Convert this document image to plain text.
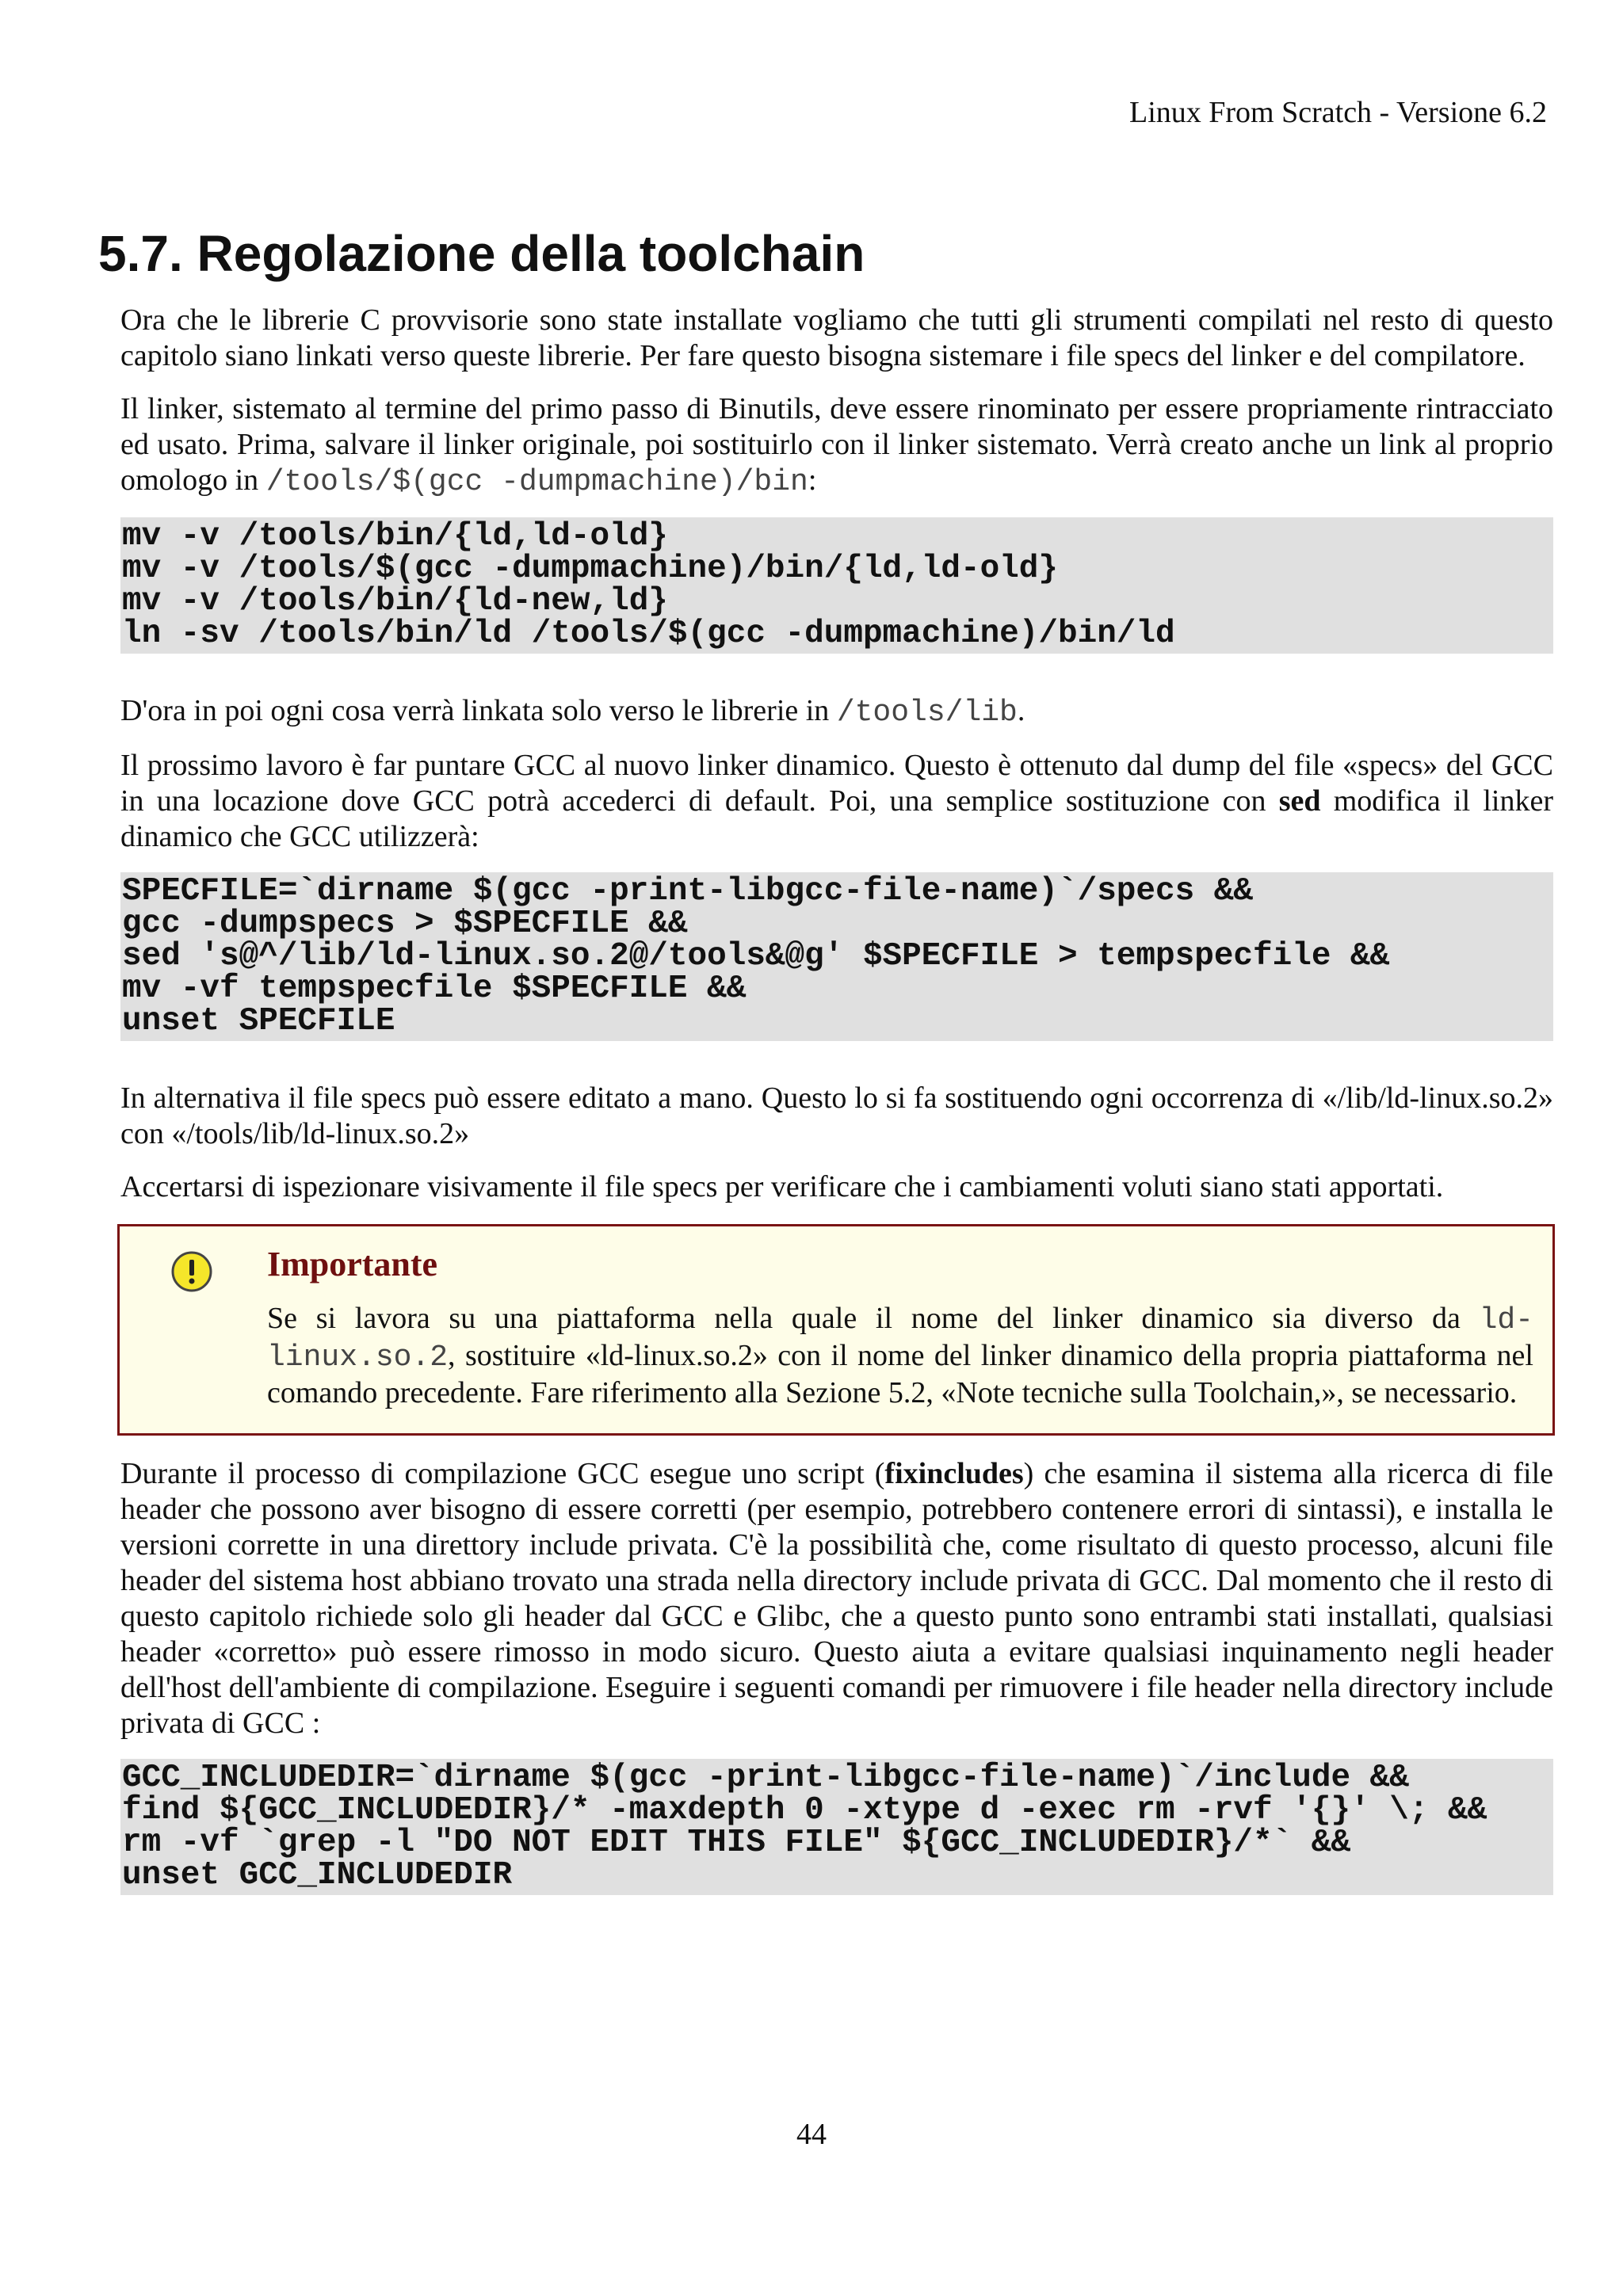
Linux From Scratch - Versione 6.2
5.7. Regolazione della toolchain

Ora che le librerie C provvisorie sono state installate vogliamo che tutti gli strumenti compilati nel resto di questo capitolo siano linkati verso queste librerie. Per fare questo bisogna sistemare i file specs del linker e del compilatore.

Il linker, sistemato al termine del primo passo di Binutils, deve essere rinominato per essere propriamente rintracciato ed usato. Prima, salvare il linker originale, poi sostituirlo con il linker sistemato. Verrà creato anche un link al proprio omologo in /tools/$(gcc -dumpmachine)/bin:

mv -v /tools/bin/{ld,ld-old}
mv -v /tools/$(gcc -dumpmachine)/bin/{ld,ld-old}
mv -v /tools/bin/{ld-new,ld}
ln -sv /tools/bin/ld /tools/$(gcc -dumpmachine)/bin/ld

D'ora in poi ogni cosa verrà linkata solo verso le librerie in /tools/lib.

Il prossimo lavoro è far puntare GCC al nuovo linker dinamico. Questo è ottenuto dal dump del file «specs» del GCC in una locazione dove GCC potrà accederci di default. Poi, una semplice sostituzione con sed modifica il linker dinamico che GCC utilizzerà:

SPECFILE=`dirname $(gcc -print-libgcc-file-name)`/specs &&
gcc -dumpspecs > $SPECFILE &&
sed 's@^/lib/ld-linux.so.2@/tools&@g' $SPECFILE > tempspecfile &&
mv -vf tempspecfile $SPECFILE &&
unset SPECFILE

In alternativa il file specs può essere editato a mano. Questo lo si fa sostituendo ogni occorrenza di «/lib/ld-linux.so.2» con «/tools/lib/ld-linux.so.2»

Accertarsi di ispezionare visivamente il file specs per verificare che i cambiamenti voluti siano stati apportati.

Importante

Se si lavora su una piattaforma nella quale il nome del linker dinamico sia diverso da ld-linux.so.2, sostituire «ld-linux.so.2» con il nome del linker dinamico della propria piattaforma nel comando precedente. Fare riferimento alla Sezione 5.2, «Note tecniche sulla Toolchain,», se necessario.

Durante il processo di compilazione GCC esegue uno script (fixincludes) che esamina il sistema alla ricerca di file header che possono aver bisogno di essere corretti (per esempio, potrebbero contenere errori di sintassi), e installa le versioni corrette in una direttory include privata. C'è la possibilità che, come risultato di questo processo, alcuni file header del sistema host abbiano trovato una strada nella directory include privata di GCC. Dal momento che il resto di questo capitolo richiede solo gli header dal GCC e Glibc, che a questo punto sono entrambi stati installati, qualsiasi header «corretto» può essere rimosso in modo sicuro. Questo aiuta a evitare qualsiasi inquinamento negli header dell'host dell'ambiente di compilazione. Eseguire i seguenti comandi per rimuovere i file header nella directory include privata di GCC :

GCC_INCLUDEDIR=`dirname $(gcc -print-libgcc-file-name)`/include &&
find ${GCC_INCLUDEDIR}/* -maxdepth 0 -xtype d -exec rm -rvf '{}' \; &&
rm -vf `grep -l "DO NOT EDIT THIS FILE" ${GCC_INCLUDEDIR}/*` &&
unset GCC_INCLUDEDIR
44
